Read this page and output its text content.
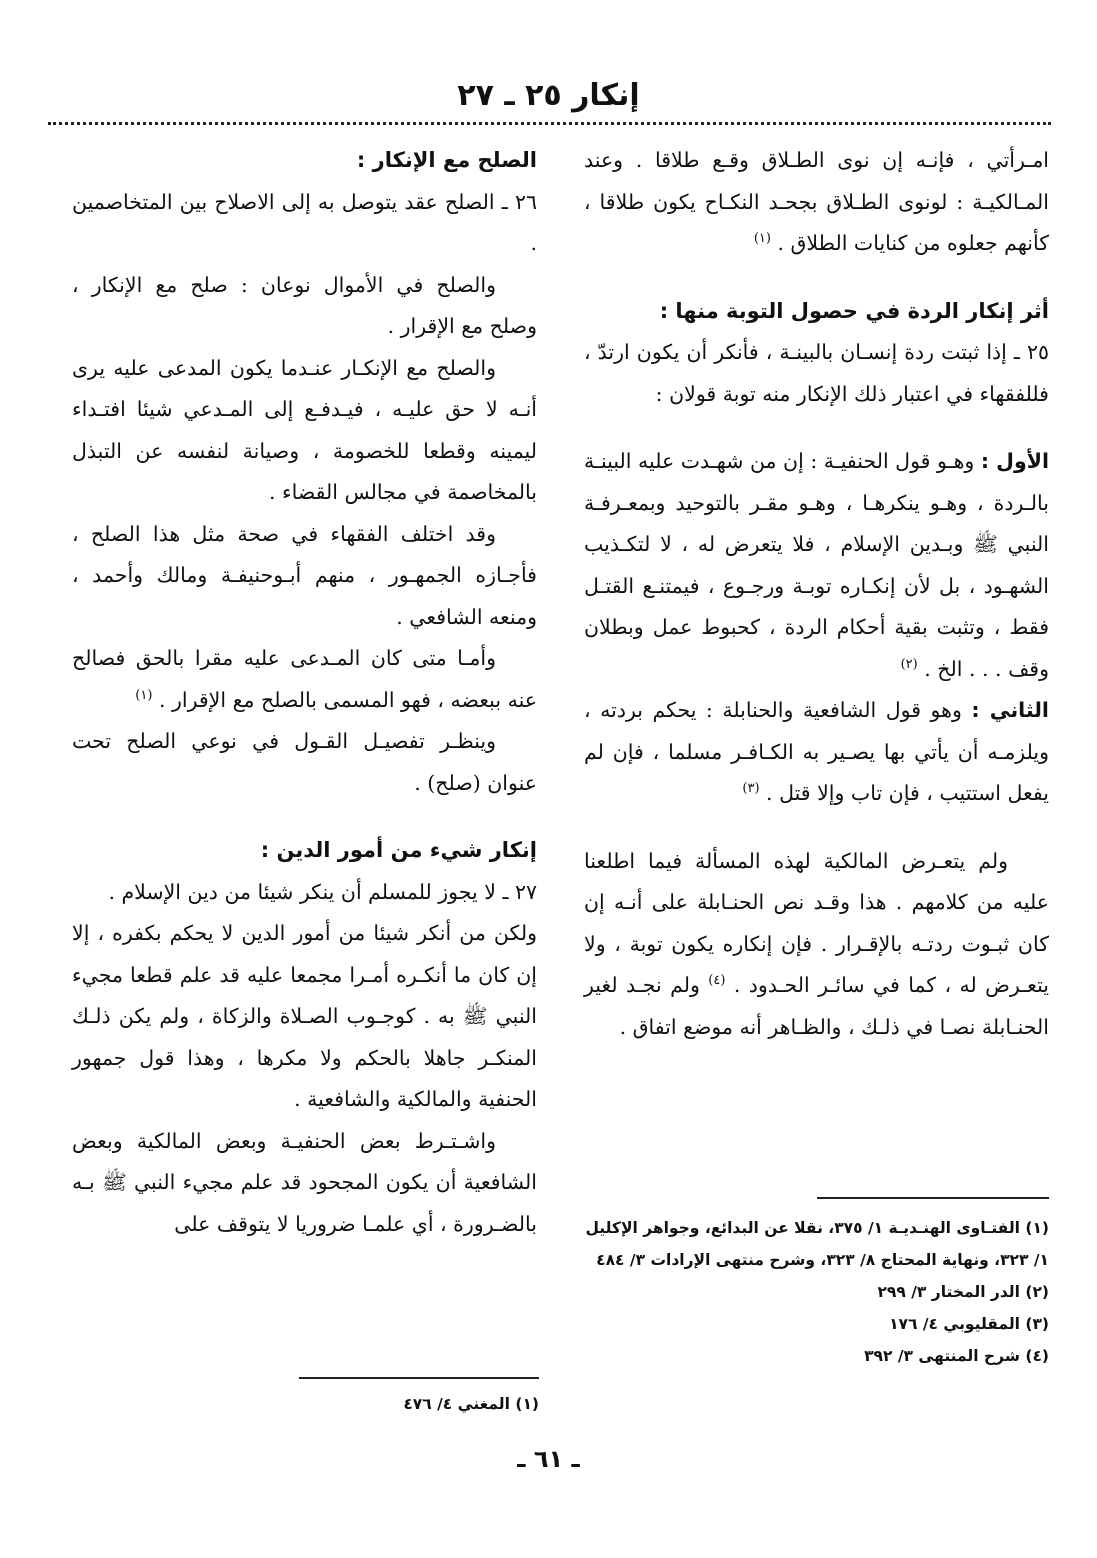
إنكار ٢٥ ـ ٢٧

امـرأتي ، فإنـه إن نوى الطـلاق وقـع طلاقا . وعند المـالكيـة : لونوى الطـلاق بجحـد النكـاح يكون طلاقا ، كأنهم جعلوه من كنايات الطلاق . $^{(١)}$

أثر إنكار الردة في حصول التوبة منها :

٢٥ ـ إذا ثبتت ردة إنسـان بالبينـة ، فأنكر أن يكون ارتدّ ، فللفقهاء في اعتبار ذلك الإنكار منه توبة قولان :

الأول : وهـو قول الحنفيـة : إن من شهـدت عليه البينـة بالـردة ، وهـو ينكرهـا ، وهـو مقـر بالتوحيد وبمعـرفـة النبي ﷺ وبـدين الإسلام ، فلا يتعرض له ، لا لتكـذيب الشهـود ، بل لأن إنكـاره توبـة ورجـوع ، فيمتنـع القتـل فقط ، وتثبت بقية أحكام الردة ، كحبوط عمل وبطلان وقف . . . الخ . $^{(٢)}$

الثاني : وهو قول الشافعية والحنابلة : يحكم بردته ، ويلزمـه أن يأتي بها يصـير به الكـافـر مسلما ، فإن لم يفعل استتيب ، فإن تاب وإلا قتل . $^{(٣)}$

ولم يتعـرض المالكية لهذه المسألة فيما اطلعنا عليه من كلامهم . هذا وقـد نص الحنـابلة على أنـه إن كان ثبـوت ردتـه بالإقـرار . فإن إنكاره يكون توبة ، ولا يتعـرض له ، كما في سائـر الحـدود . $^{(٤)}$ ولم نجـد لغير الحنـابلة نصـا في ذلـك ، والظـاهر أنه موضع اتفاق .

الصلح مع الإنكار :

٢٦ ـ الصلح عقد يتوصل به إلى الاصلاح بين المتخاصمين .

والصلح في الأموال نوعان : صلح مع الإنكار ، وصلح مع الإقرار .

والصلح مع الإنكـار عنـدما يكون المدعى عليه يرى أنـه لا حق عليـه ، فيـدفـع إلى المـدعي شيئا افتـداء ليمينه وقطعا للخصومة ، وصيانة لنفسه عن التبذل بالمخاصمة في مجالس القضاء .

وقد اختلف الفقهاء في صحة مثل هذا الصلح ، فأجـازه الجمهـور ، منهم أبـوحنيفـة ومالك وأحمد ، ومنعه الشافعي .

وأمـا متى كان المـدعى عليه مقرا بالحق فصالح عنه ببعضه ، فهو المسمى بالصلح مع الإقرار . $^{(١)}$

وينظـر تفصيـل القـول في نوعي الصلح تحت عنوان (صلح) .

إنكار شيء من أمور الدين :

٢٧ ـ لا يجوز للمسلم أن ينكر شيئا من دين الإسلام .

ولكن من أنكر شيئا من أمور الدين لا يحكم بكفره ، إلا إن كان ما أنكـره أمـرا مجمعا عليه قد علم قطعا مجيء النبي ﷺ به . كوجـوب الصـلاة والزكاة ، ولم يكن ذلـك المنكـر جاهلا بالحكم ولا مكرها ، وهذا قول جمهور الحنفية والمالكية والشافعية .

واشـتـرط بعض الحنفيـة وبعض المالكية وبعض الشافعية أن يكون المجحود قد علم مجيء النبي ﷺ بـه بالضـرورة ، أي علمـا ضروريا لا يتوقف على	(١) الفتـاوى الهنـديـة ١/ ٣٧٥، نقلا عن البدائع، وجواهر الإكليل ١/ ٣٢٣، ونهاية المحتاج ٨/ ٣٢٣، وشرح منتهى الإرادات ٣/ ٤٨٤

(٢) الدر المختار ٣/ ٢٩٩

(٣) المقليوبي ٤/ ١٧٦

(٤) شرح المنتهى ٣/ ٣٩٢

(١) المغني ٤/ ٤٧٦

ـ ٦١ ـ
